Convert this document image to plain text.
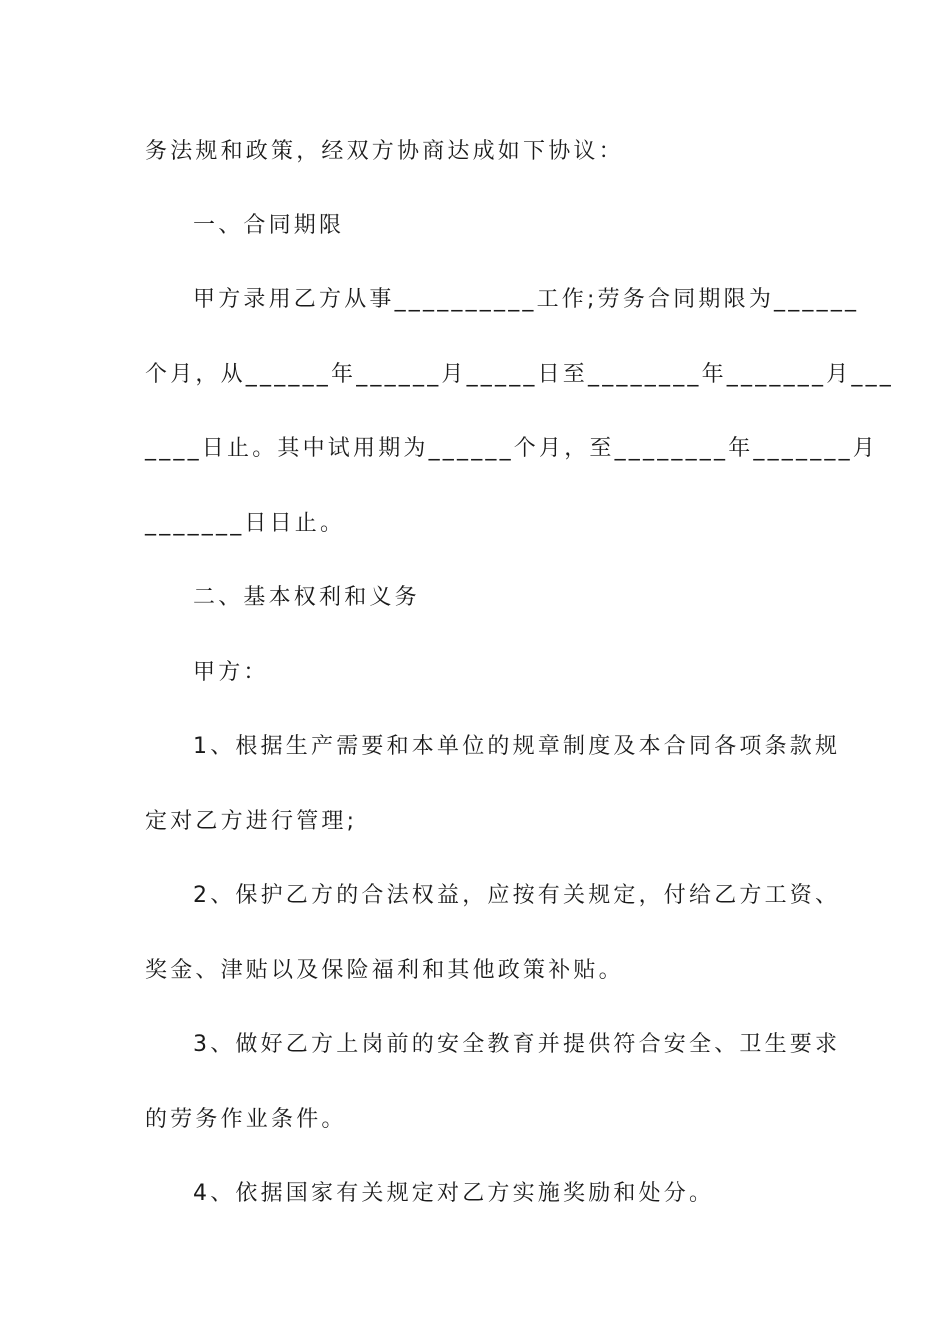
务法规和政策，经双方协商达成如下协议：
一、合同期限
甲方录用乙方从事__________工作;劳务合同期限为______
个月，从______年______月_____日至________年_______月___
____日止。其中试用期为______个月，至________年_______月
_______日日止。
二、基本权利和义务
甲方：
1、根据生产需要和本单位的规章制度及本合同各项条款规
定对乙方进行管理;
2、保护乙方的合法权益，应按有关规定，付给乙方工资、
奖金、津贴以及保险福利和其他政策补贴。
3、做好乙方上岗前的安全教育并提供符合安全、卫生要求
的劳务作业条件。
4、依据国家有关规定对乙方实施奖励和处分。
